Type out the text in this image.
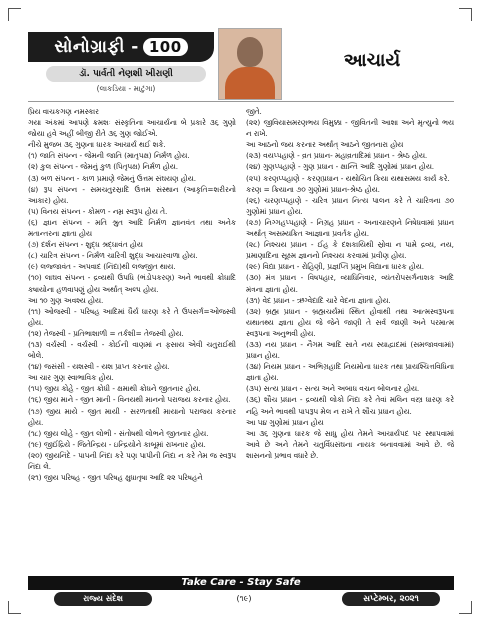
સોનોગ્રાફી - 100
ડૉ. પાર્વતી નેણશી ખીરાણી
(લાકડિયા - માટુંગા)
આચાર્ય

પ્રિય વાચકગણ નમસ્કાર

ગયા અંકમાં આપણે ક્રમશઃ સંસ્કૃતિના આચાર્યના બે પ્રકારે ૩૬ ગુણો જોયા હવે અહીં બીજી રીતે ૩૬ ગુણ જોઈએ.

નીચે મુજબ ૩૬ ગુણના ધારક આચાર્ય થઈ શકે.

(૧) જાતિ સંપન્ન - જેમની જાતિ (માતૃપક્ષ) નિર્મળ હોય.

(૨) કુલ સંપન્ન - જેમનું કુળ (પિતૃપક્ષ) નિર્મળ હોય.

(૩) બળ સંપન્ન - કાળ પ્રમાણે જેમનું ઉત્તમ સંઘયણ હોય.

(૪) રૂપ સંપન્ન - સમચતુરસ્રાદિ ઉત્તમ સંસ્થાન (આકૃતિ=શરીરનો આકાર) હોય.

(૫) વિનય સંપન્ન - કોમળ - નમ્ર સ્વરૂપ હોય તે.

(૬) જ્ઞાન સંપન્ન - મતિ શ્રુત આદિ નિર્મળ જ્ઞાનવંત તથા અનેક મતાન્તરના જ્ઞાતા હોય

(૭) દર્શન સંપન્ન - શુદ્ધ શ્રદ્ધાવંત હોય

(૮) ચારિત્ર સંપન્ન - નિર્મળ ચારિત્રી શુદ્ધ આચારવાળા હોય.

(૯) લજ્જાવંત - અપવાદ (નિંદા)થી લજ્જીત થાય.

(૧૦) લાઘવ સંપન્ન - દ્રવ્યથી ઉપધિ (ભંડોપકરણ) અને ભાવથી ક્રોધાદિ કષાયોના હળવાપણું હોય અર્થાત્ અલ્પ હોય.

આ ૧૦ ગુણ અવશ્ય હોય.

(૧૧) ઓજસ્વી - પરિષહ આદિમાં ધૈર્ય ધારણ કરે તે ઉપસર્ગ=ઓજસ્વી હોય.

(૧૨) તેજસ્વી - પ્રતિભાશાળી = તર્કશી= તેજસ્વી હોય.

(૧૩) વર્ચસ્વી - વર્ચસ્વી - કોઈની વાણમાં ન ફસાય એવી ચતુરાઈથી બોલે.

(૧૪) જસંસી - યશસ્વી - યશ પ્રાપ્ત કરનાર હોય.

આ ચાર ગુણ સ્વાભાવિક હોય.

(૧૫) જીય કોહે - જીત ક્રોધી - ક્ષમાથી ક્રોધને જીતનાર હોય.

(૧૬) જીય માને - જીત માની - વિનયથી માનનો પરાજય કરનાર હોય.

(૧૭) જીય માયે - જીત માયી - સરળતાથી માયાનો પરાજય કરનાર હોય.

(૧૮) જીય લોહે - જીત લોભી - સંતોષથી લોભને જીતનાર હોય.

(૧૯) જીઈંદ્રિયે - જિતેન્દ્રિય - ઇન્દ્રિયોને કાબૂમાં રાખનાર હોય.

(૨૦) જીયનિંદે - પાપની નિંદા કરે પણ પાપીની નિંદા ન કરે તેમ જ સ્વરૂપ નિંદા લે.

(૨૧) જીય પરિષહ - જીત પરિષહ ક્ષુધાતૃષા આદિ ૨૨ પરિષહને

જીતે.

(૨૨) જીવિયાસમરણભય વિમુક્કા - જીવિતની આશા અને મૃત્યુનો ભય ન રાખે.

આ આઠનો જય કરનાર અર્થાત્ આઠને જીતનારા હોય

(૨૩) વયપ્પહાણે - વ્રત પ્રધાન- મહાવ્રતાદિમાં પ્રધાન - શ્રેષ્ઠ હોય.

(૨૪) ગુણપ્પહાણે - ગુણ પ્રધાન - ક્ષાન્તિ આદિ ગુણોમાં પ્રધાન હોય.

(૨૫) કરણપ્પહાણે - કરણપ્રધાન - યથોચિત ક્રિયા યથાસમય કાર્ય કરે.

કરણ = ક્રિયાના ૭૦ ગુણોમાં પ્રધાન-શ્રેષ્ઠ હોય.

(૨૬) ચરણપ્પહાણે - ચરિત્ર પ્રધાન નિત્ય પાલન કરે તે ચારિત્રના ૭૦ ગુણોમાં પ્રધાન હોય.

(૨૭) નિગ્ગહપ્પહાણે - નિગ્રહ પ્રધાન - અનાચારણને નિષેધવામાં પ્રધાન અર્થાત્ અસમ્યક્રિત આજ્ઞાના પ્રવર્તક હોય.

(૨૮) નિશ્ચય પ્રધાન - ઈહ કે દશકાયિથી સ્રોવા ન પામે દ્રવ્ય, નય, પ્રમાણાદિના સૂક્ષ્મ જ્ઞાનનો નિશ્ચય કરવામાં પ્રવીણ હોય.

(૨૯) વિદ્યા પ્રધાન - રોહિણી, પ્રજ્ઞપ્તિ પ્રમુખ વિદ્યાના ધારક હોય.

(૩૦) મંત્ર પ્રધાન - વિષપહાર, વ્યાધિનિવાર, વ્યંતરોપસર્ગનાશક આદિ મંત્રના જ્ઞાતા હોય.

(૩૧) વેદ પ્રધાન - ઋગ્વેદાદિ ચારે વેદના જ્ઞાતા હોય.

(૩૨) બ્રહ્મ પ્રધાન - બ્રહ્મચર્યમાં સ્થિત હોવાથી તથા આત્મસ્વરૂપના યથાતથ્ય જ્ઞાતા હોય જે જેને જાણી તે સર્વ જાણી અને પરમાત્મ સ્વરૂપના અનુભવી હોય.

(૩૩) નય પ્રધાન - નૈગમ આદિ સાતે નય સ્યાદ્વાદમાં (સમજાવવામાં) પ્રધાન હોય.

(૩૪) નિયમ પ્રધાન - અભિગ્રહાદિ નિયમોના ધારક તથા પ્રાયશ્ચિત્તવિધિના જ્ઞાતા હોય.

(૩૫) સત્ય પ્રધાન - સત્ય અને અબાધ વચન બોલનાર હોય.

(૩૬) શૌચ પ્રધાન - દ્રવ્યથી લોકો નિંદા કરે તેવાં મલિન વસ્ત્ર ધારણ કરે નહિ અને ભાવથી પાપરૂપ મેલ ન રાખે તે શૌચ પ્રધાન હોય.

આ ૫૪ ગુણોમાં પ્રધાન હોય

આ ૩૬ ગુણના ધારક જે સાધુ હોય તેમને આચાર્યપદ પર સ્થાપવામાં આવે છે અને તેમને ચતુર્વિધસંઘના નાયક બનાવવામાં આવે છે. જે શાસનનો પ્રભાવ વધારે છે.

Take Care - Stay Safe
રાજ્ય સંદેશ	(૧૯)	સપ્ટેમ્બર, ૨૦૨૧
